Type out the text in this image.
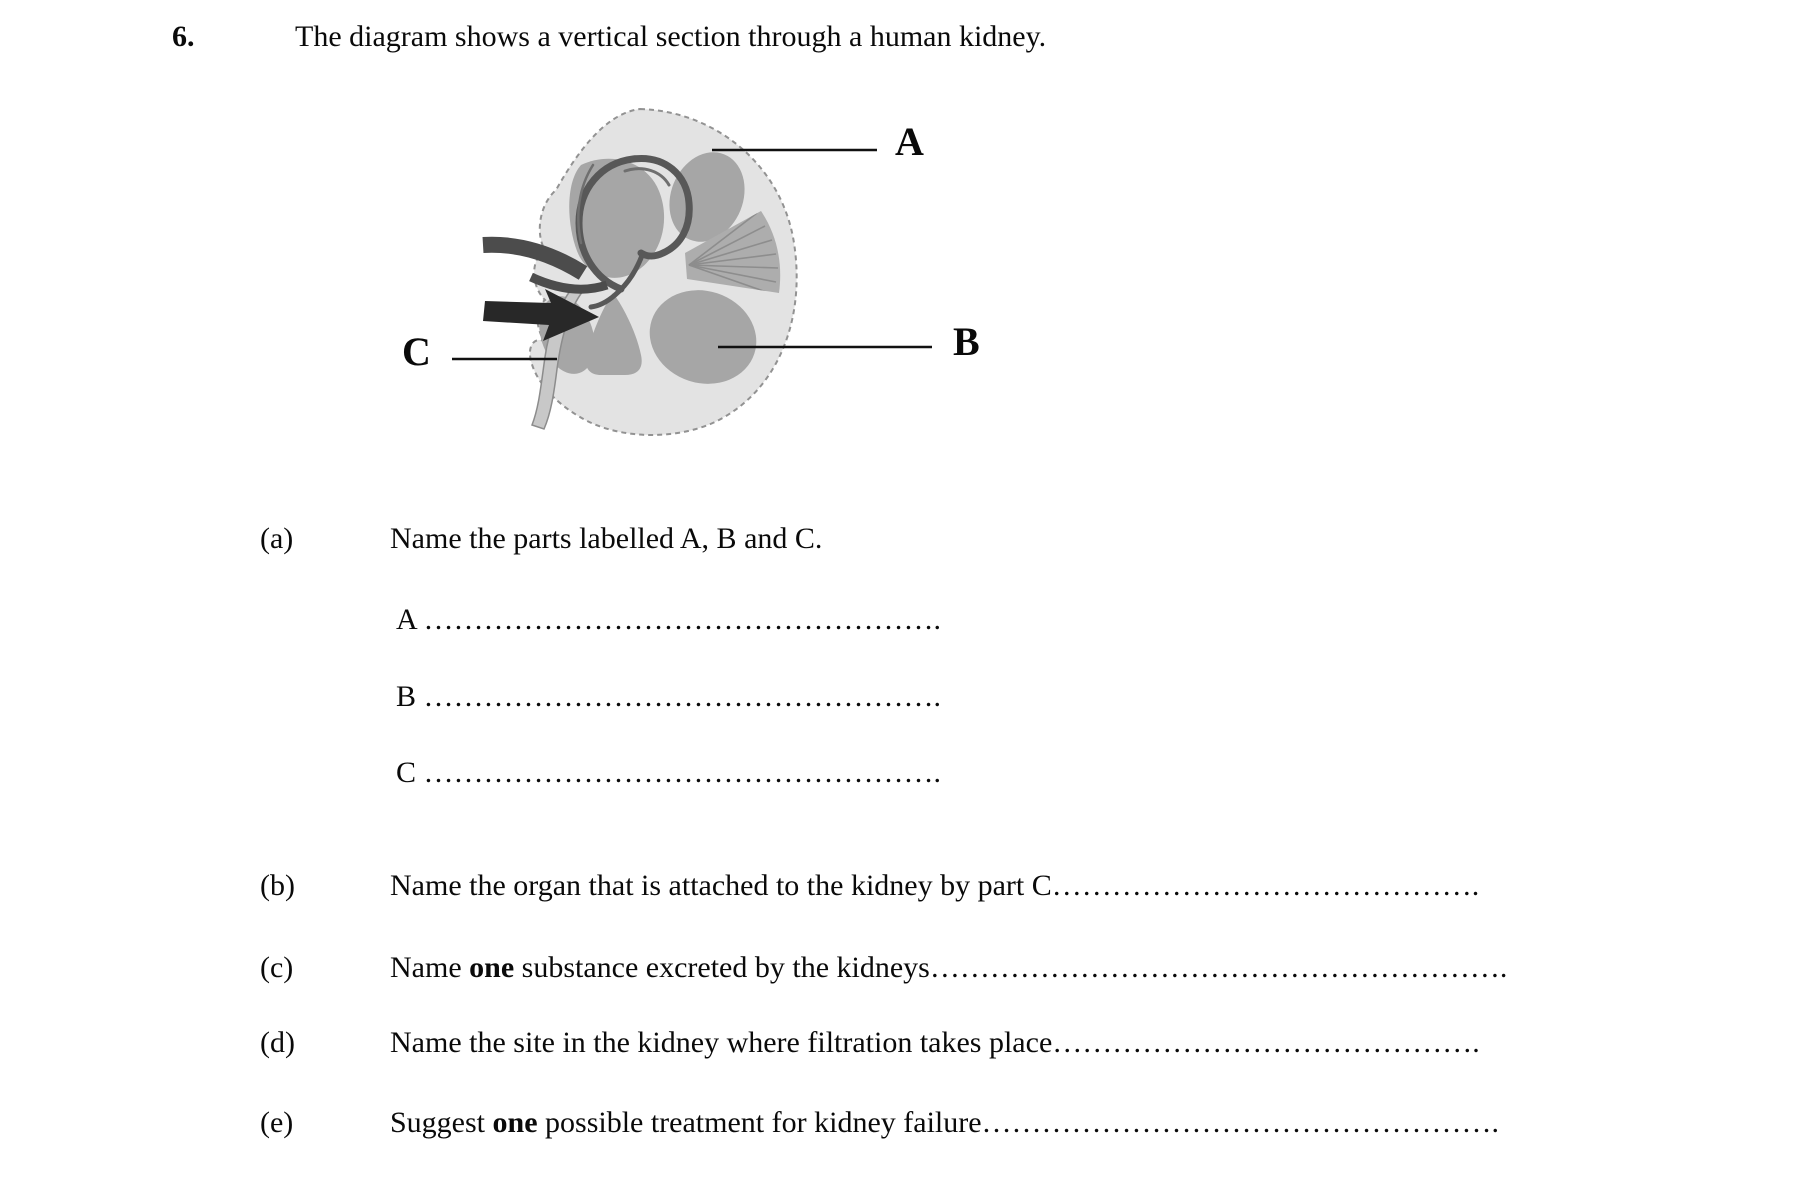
6.	The diagram shows a vertical section through a human kidney.
A
B
C
(a)	Name the parts labelled A, B and C.
A …………………………………………….
B …………………………………………….
C …………………………………………….
(b)	Name the organ that is attached to the kidney by part C…………………………………….
(c)	Name one substance excreted by the kidneys………………………………………………….
(d)	Name the site in the kidney where filtration takes place…………………………………….
(e)	Suggest one possible treatment for kidney failure…………………………………………….
